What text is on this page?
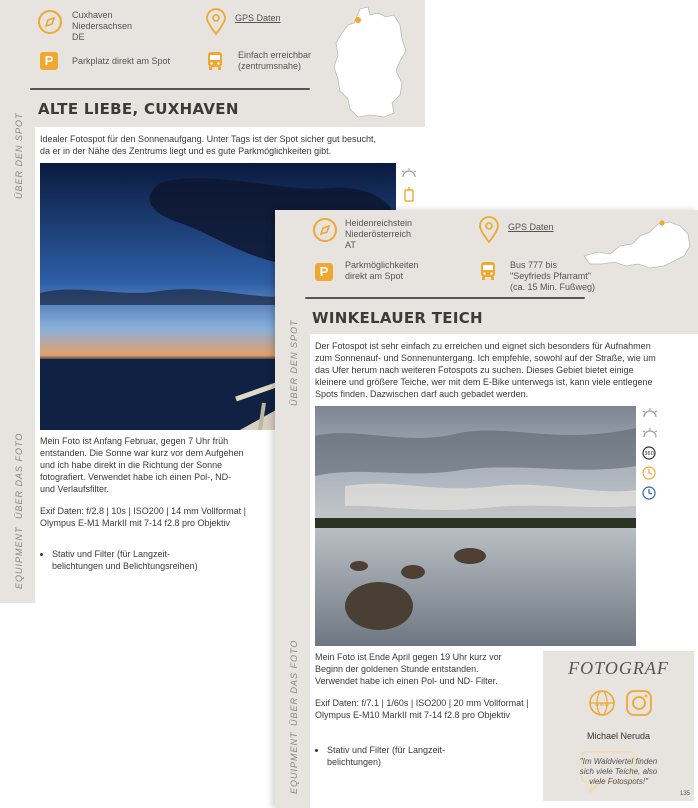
Cuxhaven
Niedersachsen
DE
GPS Daten
P	Parkplatz direkt am Spot
Einfach erreichbar
(zentrumsnahe)
ALTE LIEBE, CUXHAVEN
ÜBER DEN SPOT
ÜBER DAS FOTO
EQUIPMENT
Idealer Fotospot für den Sonnenaufgang. Unter Tags ist der Spot sicher gut besucht,
da er in der Nähe des Zentrums liegt und es gute Parkmöglichkeiten gibt.
Mein Foto ist Anfang Februar, gegen 7 Uhr früh
entstanden. Die Sonne war kurz vor dem Aufgehen
und ich habe direkt in die Richtung der Sonne
fotografiert. Verwendet habe ich einen Pol-, ND-
und Verlaufsfilter.
Exif Daten: f/2.8 | 10s | ISO200 | 14 mm Vollformat |
Olympus E-M1 MarkII mit 7-14 f2.8 pro Objektiv
• Stativ und Filter (für Langzeit-
belichtungen und Belichtungsreihen)
Heidenreichstein
Niederösterreich
AT
GPS Daten
P	Parkmöglichkeiten
direkt am Spot
Bus 777 bis
"Seyfrieds Pfarramt"
(ca. 15 Min. Fußweg)
WINKELAUER TEICH
ÜBER DEN SPOT
ÜBER DAS FOTO
EQUIPMENT
Der Fotospot ist sehr einfach zu erreichen und eignet sich besonders für Aufnahmen
zum Sonnenauf- und Sonnenuntergang. Ich empfehle, sowohl auf der Straße, wie um
das Ufer herum nach weiteren Fotospots zu suchen. Dieses Gebiet bietet einige
kleinere und größere Teiche, wer mit dem E-Bike unterwegs ist, kann viele entlegene
Spots finden. Dazwischen darf auch gebadet werden.
360
Mein Foto ist Ende April gegen 19 Uhr kurz vor
Beginn der goldenen Stunde entstanden.
Verwendet habe ich einen Pol- und ND- Filter.
Exif Daten: f/7.1 | 1/60s | ISO200 | 20 mm Vollformat |
Olympus E-M10 MarkII mit 7-14 f2.8 pro Objektiv
• Stativ und Filter (für Langzeit-
belichtungen)
FOTOGRAF
www
Michael Neruda
"Im Waldviertel finden
sich viele Teiche, also
viele Fotospots!"
135
